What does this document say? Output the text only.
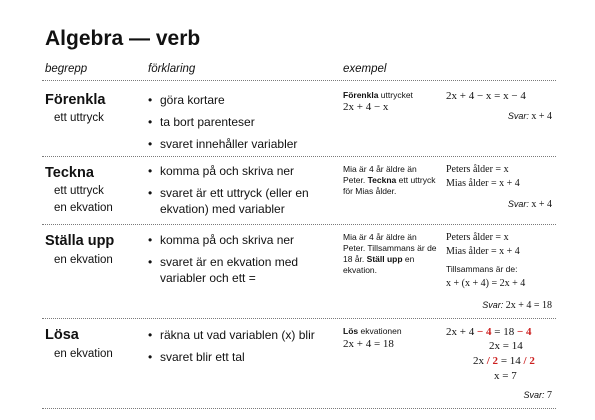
Algebra — verb
begrepp	förklaring	exempel
Förenkla
ett uttryck
• göra kortare
• ta bort parenteser
• svaret innehåller variabler
Förenkla uttrycket
2x + 4 − x
2x + 4 − x = x − 4
Svar: x + 4
Teckna
ett uttryck
en ekvation
• komma på och skriva ner
• svaret är ett uttryck (eller en ekvation) med variabler
Mia är 4 år äldre än Peter. Teckna ett uttryck för Mias ålder.
Peters ålder = x
Mias ålder = x + 4
Svar: x + 4
Ställa upp
en ekvation
• komma på och skriva ner
• svaret är en ekvation med variabler och ett =
Mia är 4 år äldre än Peter. Tillsammans är de 18 år. Ställ upp en ekvation.
Peters ålder = x
Mias ålder = x + 4
Tillsammans är de:
x + (x + 4) = 2x + 4
Svar: 2x + 4 = 18
Lösa
en ekvation
• räkna ut vad variablen (x) blir
• svaret blir ett tal
Lös ekvationen
2x + 4 = 18
2x + 4 − 4 = 18 − 4
2x = 14
2x / 2 = 14 / 2
x = 7
Svar: 7
